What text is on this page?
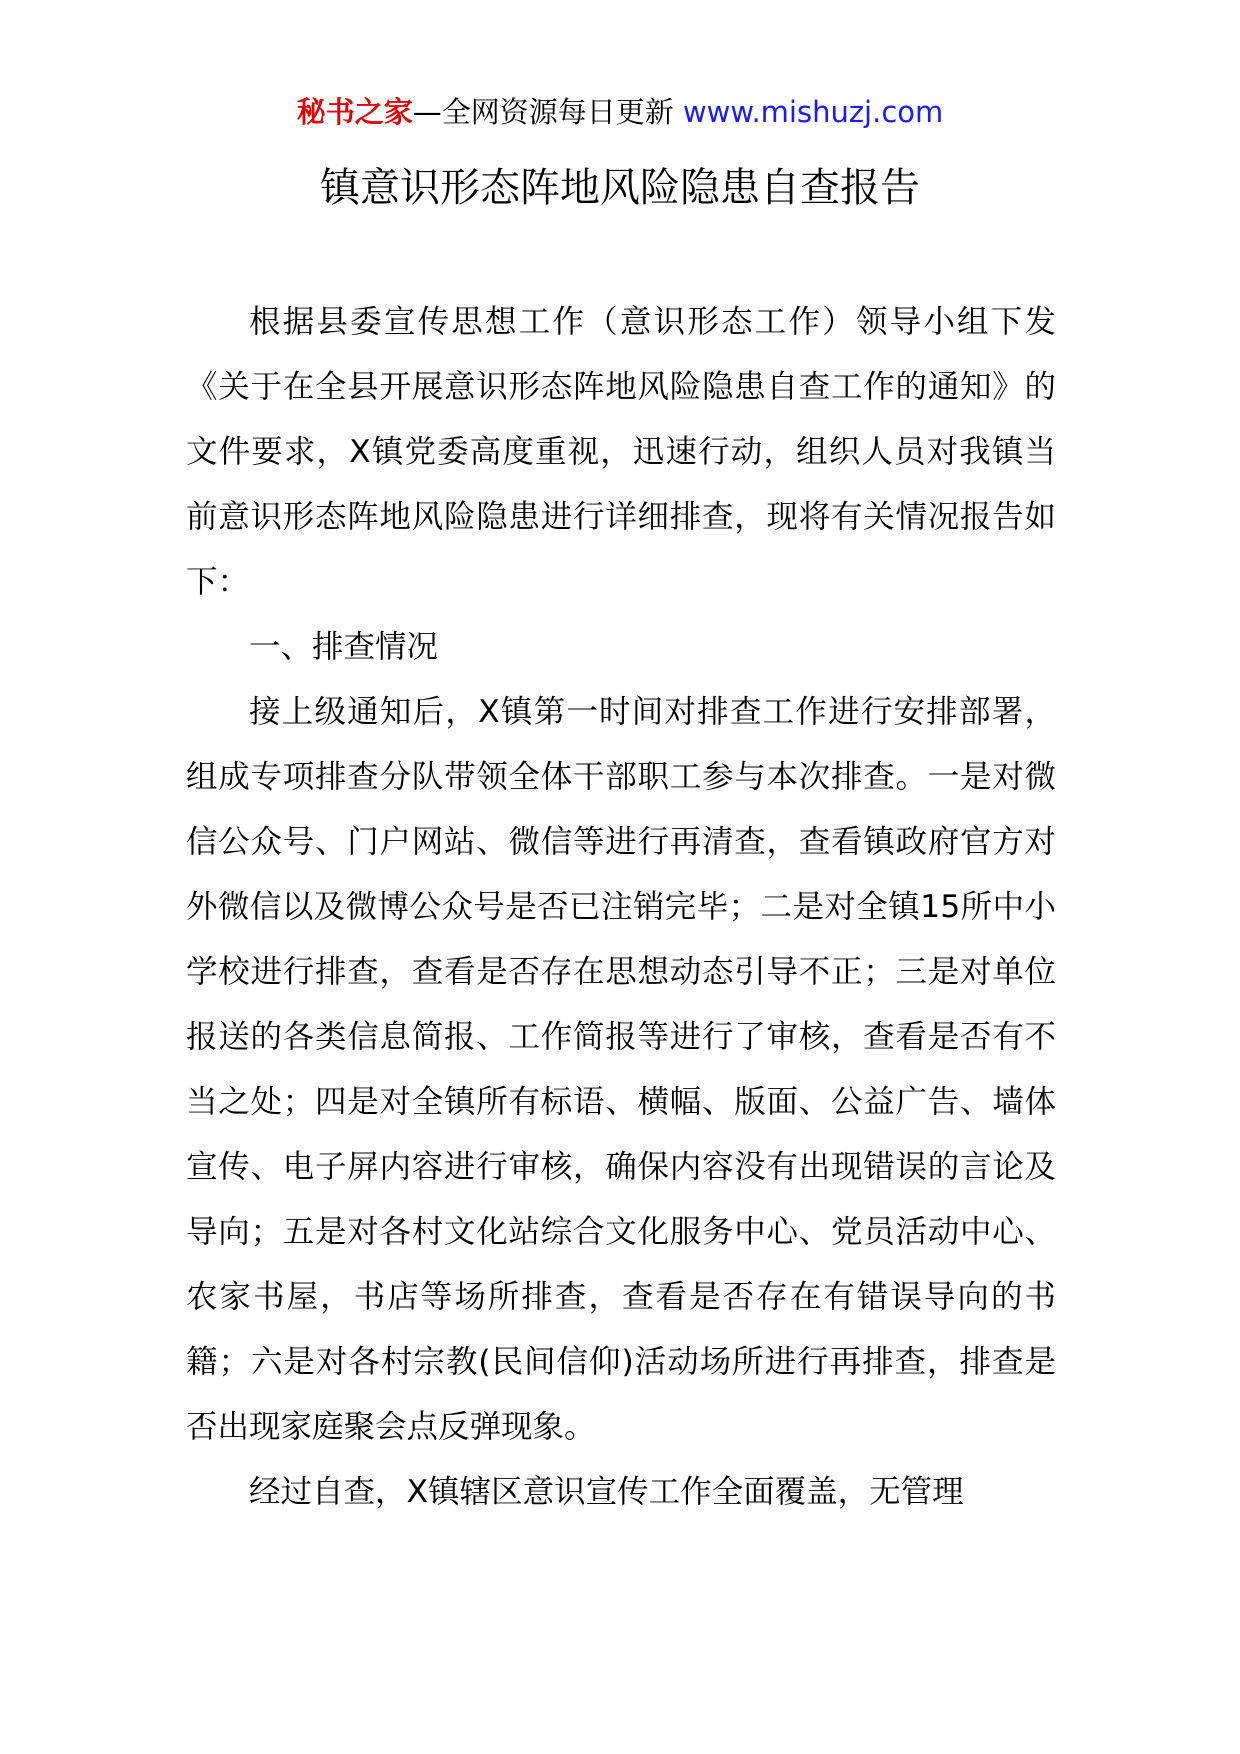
秘书之家—全网资源每日更新 www.mishuzj.com
镇意识形态阵地风险隐患自查报告

根据县委宣传思想工作（意识形态工作）领导小组下发《关于在全县开展意识形态阵地风险隐患自查工作的通知》的文件要求，X镇党委高度重视，迅速行动，组织人员对我镇当前意识形态阵地风险隐患进行详细排查，现将有关情况报告如下：

一、排查情况

接上级通知后，X镇第一时间对排查工作进行安排部署，组成专项排查分队带领全体干部职工参与本次排查。一是对微信公众号、门户网站、微信等进行再清查，查看镇政府官方对外微信以及微博公众号是否已注销完毕；二是对全镇15所中小学校进行排查，查看是否存在思想动态引导不正；三是对单位报送的各类信息简报、工作简报等进行了审核，查看是否有不当之处；四是对全镇所有标语、横幅、版面、公益广告、墙体宣传、电子屏内容进行审核，确保内容没有出现错误的言论及导向；五是对各村文化站综合文化服务中心、党员活动中心、农家书屋，书店等场所排查，查看是否存在有错误导向的书籍；六是对各村宗教(民间信仰)活动场所进行再排查，排查是否出现家庭聚会点反弹现象。

经过自查，X镇辖区意识宣传工作全面覆盖，无管理
